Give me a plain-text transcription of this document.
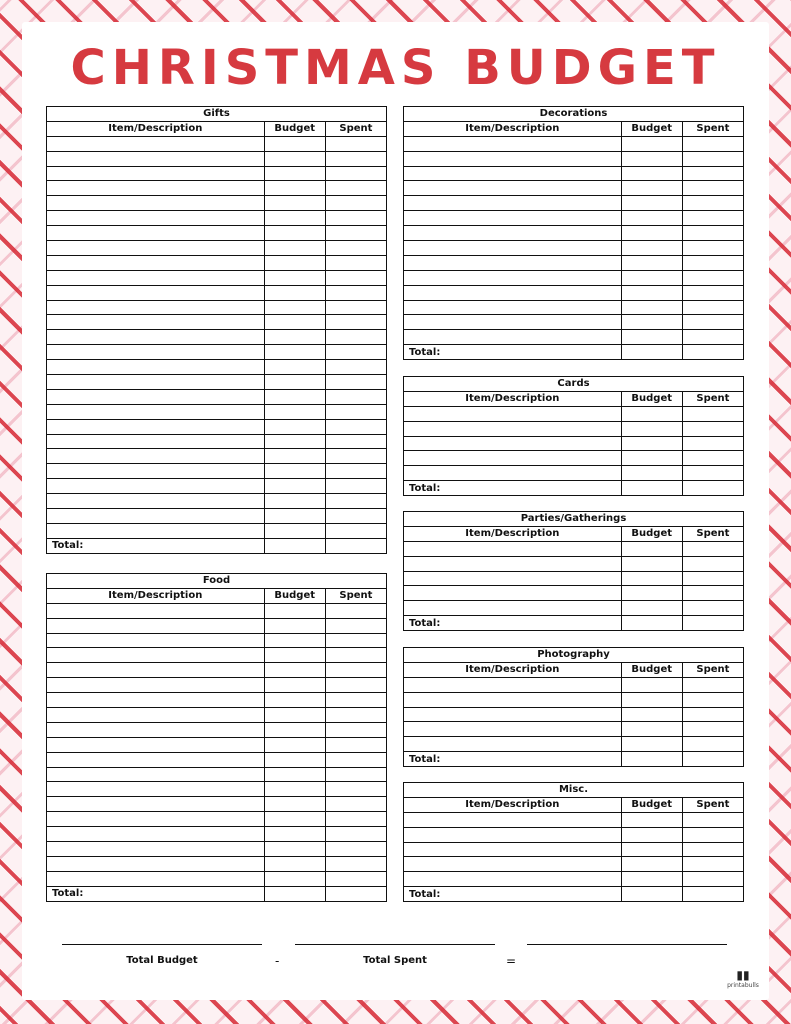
CHRISTMAS BUDGET
Gifts		
Item/Description	Budget	Spent

Total:		
Food		
Item/Description	Budget	Spent

Total:		
Decorations		
Item/Description	Budget	Spent

Total:		
Cards		
Item/Description	Budget	Spent

Total:		
Parties/Gatherings		
Item/Description	Budget	Spent

Total:		
Photography		
Item/Description	Budget	Spent

Total:		
Misc.		
Item/Description	Budget	Spent

Total:		
Total Budget	-	Total Spent	=
▮▮
printabulls
